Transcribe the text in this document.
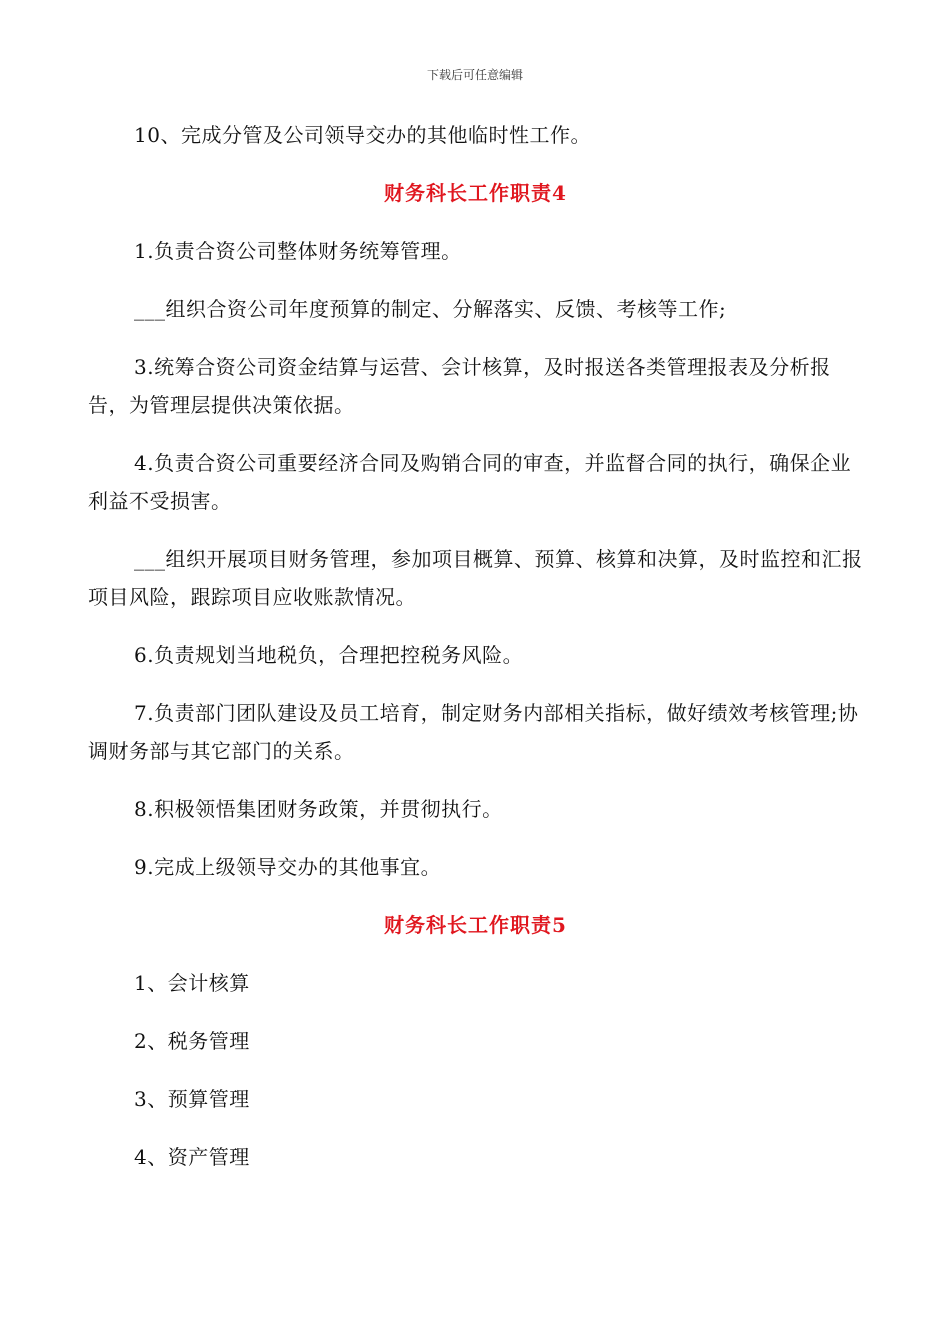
下载后可任意编辑

10、完成分管及公司领导交办的其他临时性工作。

财务科长工作职责4

1.负责合资公司整体财务统筹管理。

___组织合资公司年度预算的制定、分解落实、反馈、考核等工作;

3.统筹合资公司资金结算与运营、会计核算，及时报送各类管理报表及分析报告，为管理层提供决策依据。

4.负责合资公司重要经济合同及购销合同的审查，并监督合同的执行，确保企业利益不受损害。

___组织开展项目财务管理，参加项目概算、预算、核算和决算，及时监控和汇报项目风险，跟踪项目应收账款情况。

6.负责规划当地税负，合理把控税务风险。

7.负责部门团队建设及员工培育，制定财务内部相关指标，做好绩效考核管理;协调财务部与其它部门的关系。

8.积极领悟集团财务政策，并贯彻执行。

9.完成上级领导交办的其他事宜。

财务科长工作职责5

1、会计核算

2、税务管理

3、预算管理

4、资产管理
